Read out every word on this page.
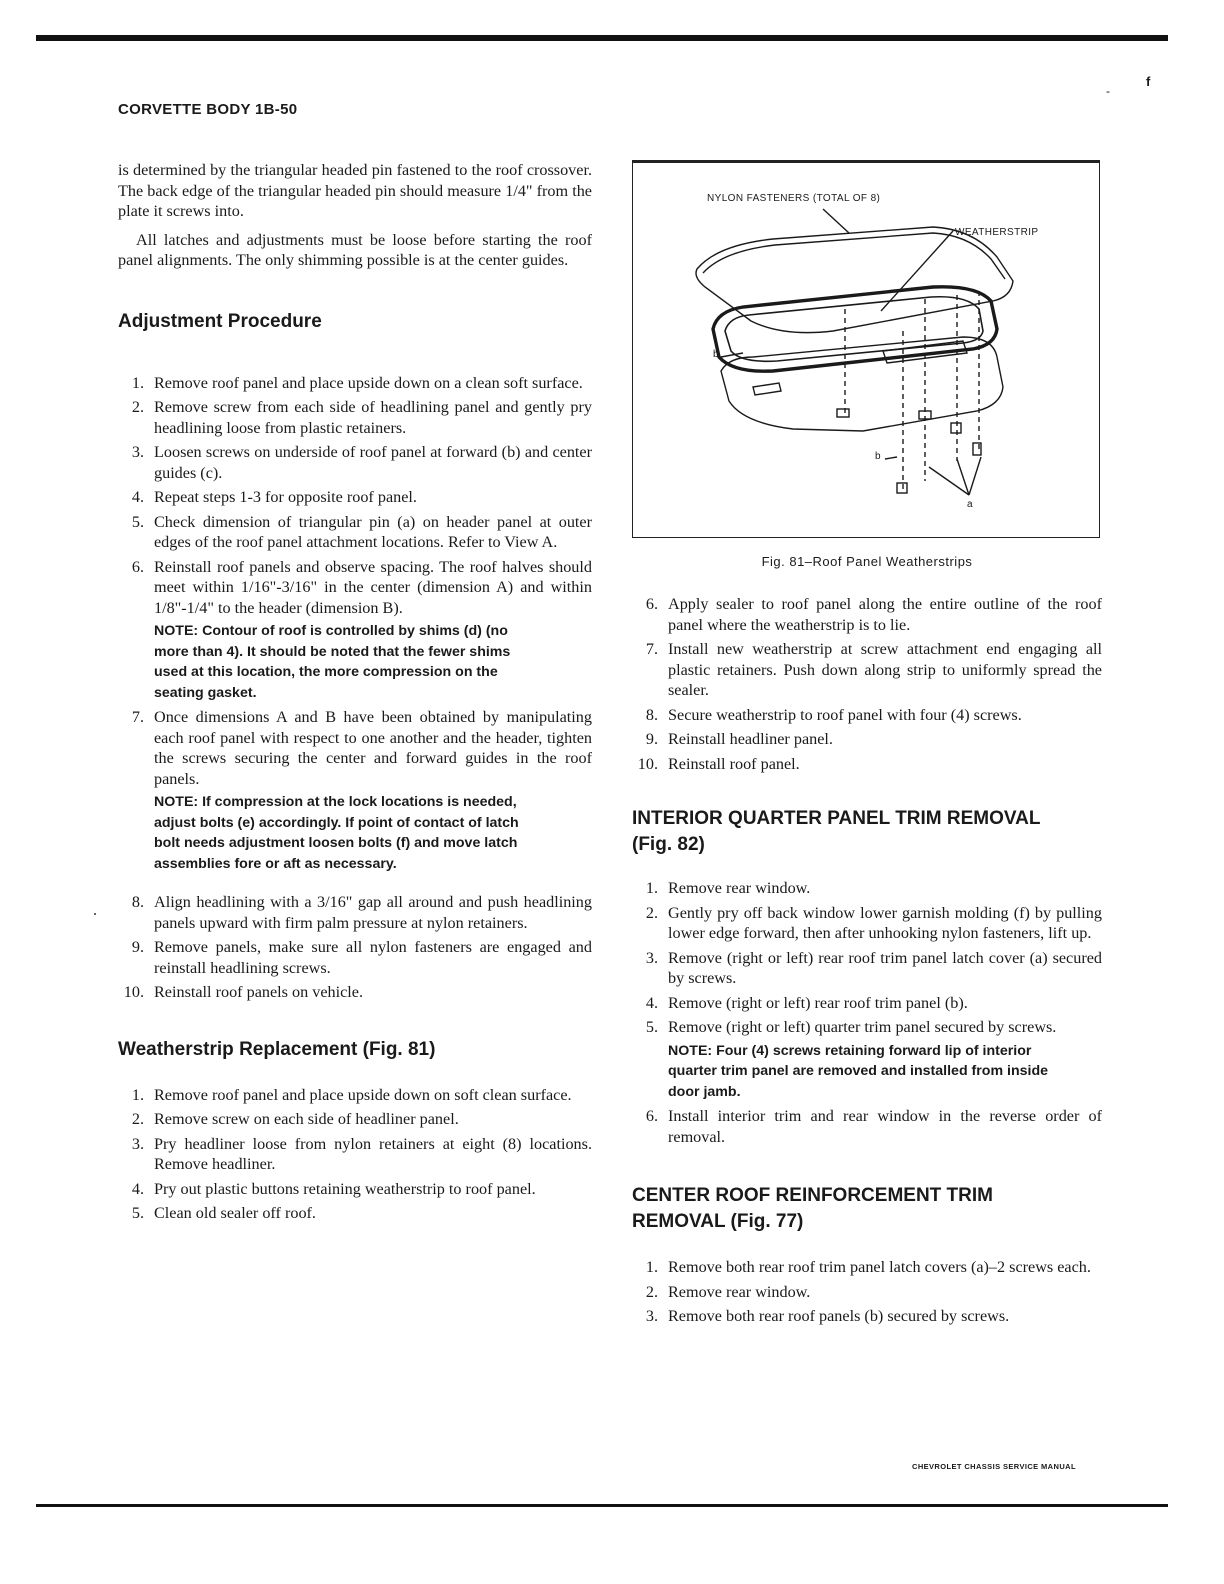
-
f
CORVETTE BODY 1B-50

is determined by the triangular headed pin fastened to the roof crossover. The back edge of the triangular headed pin should measure 1/4" from the plate it screws into.

All latches and adjustments must be loose before starting the roof panel alignments. The only shimming possible is at the center guides.

Adjustment Procedure
1. Remove roof panel and place upside down on a clean soft surface.
2. Remove screw from each side of headlining panel and gently pry headlining loose from plastic retainers.
3. Loosen screws on underside of roof panel at forward (b) and center guides (c).
4. Repeat steps 1-3 for opposite roof panel.
5. Check dimension of triangular pin (a) on header panel at outer edges of the roof panel attachment locations. Refer to View A.
6. Reinstall roof panels and observe spacing. The roof halves should meet within 1/16"-3/16" in the center (dimension A) and within 1/8"-1/4" to the header (dimension B).
NOTE: Contour of roof is controlled by shims (d) (no more than 4). It should be noted that the fewer shims used at this location, the more compression on the seating gasket.
7. Once dimensions A and B have been obtained by manipulating each roof panel with respect to one another and the header, tighten the screws securing the center and forward guides in the roof panels.
NOTE: If compression at the lock locations is needed, adjust bolts (e) accordingly. If point of contact of latch bolt needs adjustment loosen bolts (f) and move latch assemblies fore or aft as necessary.
8. Align headlining with a 3/16" gap all around and push headlining panels upward with firm palm pressure at nylon retainers.
9. Remove panels, make sure all nylon fasteners are engaged and reinstall headlining screws.
10. Reinstall roof panels on vehicle.
Weatherstrip Replacement (Fig. 81)
1. Remove roof panel and place upside down on soft clean surface.
2. Remove screw on each side of headliner panel.
3. Pry headliner loose from nylon retainers at eight (8) locations. Remove headliner.
4. Pry out plastic buttons retaining weatherstrip to roof panel.
5. Clean old sealer off roof.
NYLON FASTENERS (TOTAL OF 8)
WEATHERSTRIP
b
b
a
Fig. 81–Roof Panel Weatherstrips
6. Apply sealer to roof panel along the entire outline of the roof panel where the weatherstrip is to lie.
7. Install new weatherstrip at screw attachment end engaging all plastic retainers. Push down along strip to uniformly spread the sealer.
8. Secure weatherstrip to roof panel with four (4) screws.
9. Reinstall headliner panel.
10. Reinstall roof panel.
INTERIOR QUARTER PANEL TRIM REMOVAL
(Fig. 82)
1. Remove rear window.
2. Gently pry off back window lower garnish molding (f) by pulling lower edge forward, then after unhooking nylon fasteners, lift up.
3. Remove (right or left) rear roof trim panel latch cover (a) secured by screws.
4. Remove (right or left) rear roof trim panel (b).
5. Remove (right or left) quarter trim panel secured by screws.
NOTE: Four (4) screws retaining forward lip of interior quarter trim panel are removed and installed from inside door jamb.
6. Install interior trim and rear window in the reverse order of removal.
CENTER ROOF REINFORCEMENT TRIM
REMOVAL (Fig. 77)
1. Remove both rear roof trim panel latch covers (a)–2 screws each.
2. Remove rear window.
3. Remove both rear roof panels (b) secured by screws.
CHEVROLET CHASSIS SERVICE MANUAL
